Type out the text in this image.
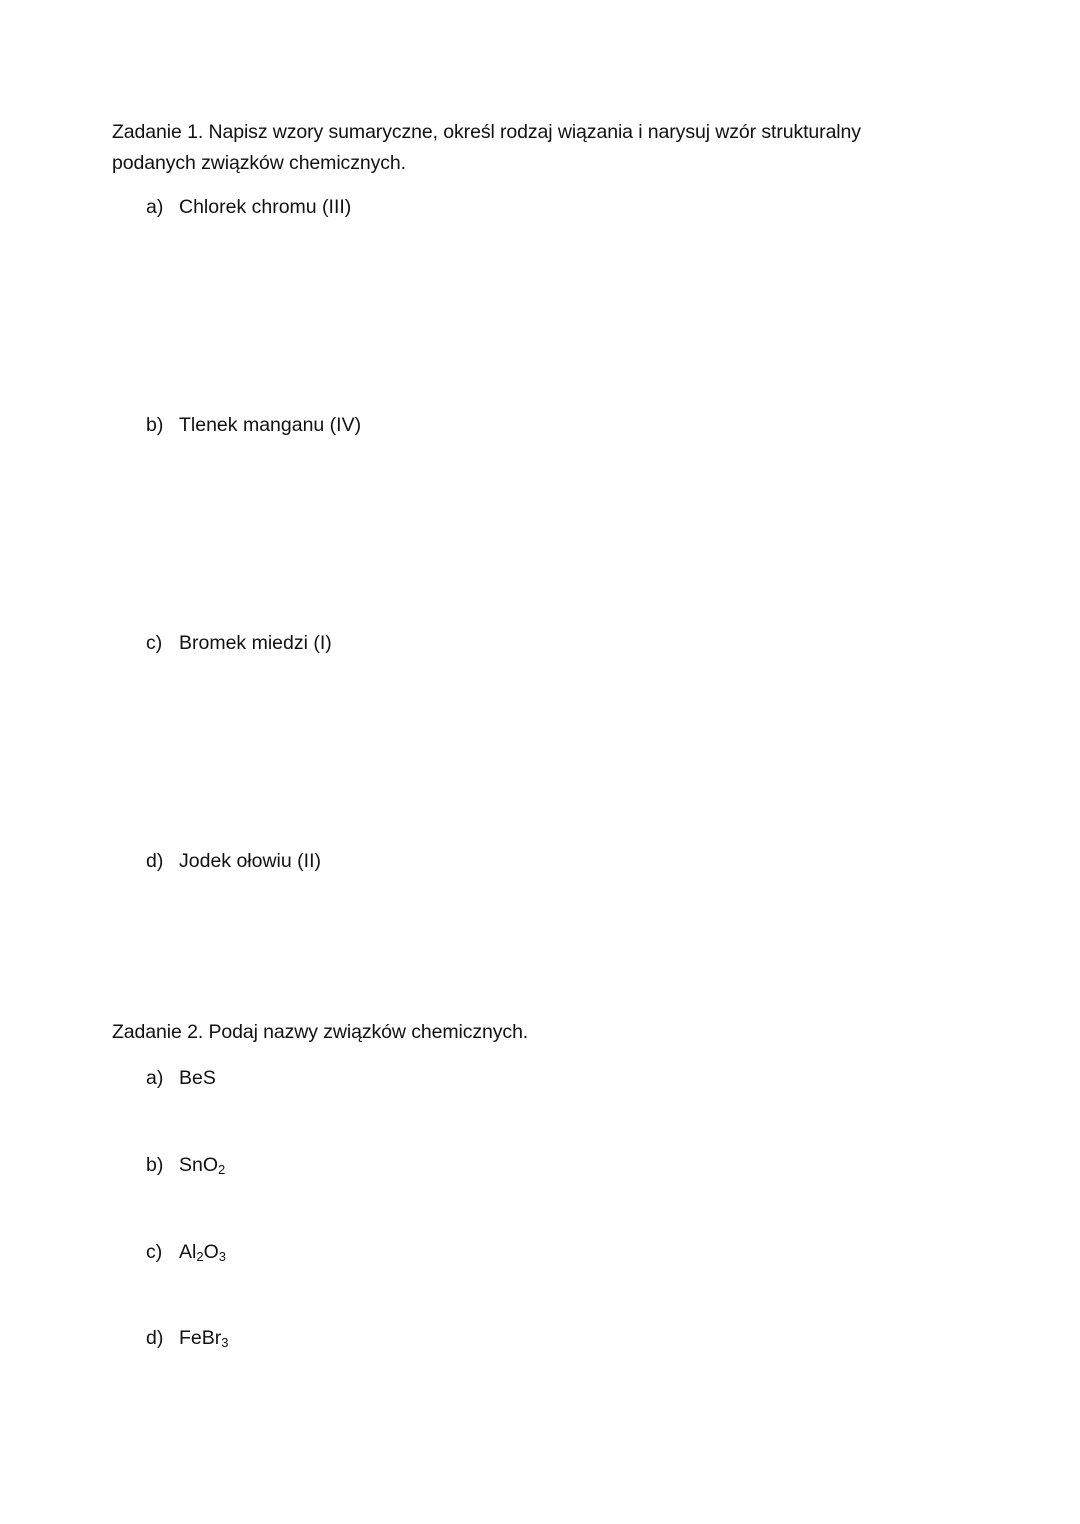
Zadanie 1. Napisz wzory sumaryczne, określ rodzaj wiązania i narysuj wzór strukturalny
podanych związków chemicznych.
a) Chlorek chromu (III)
b) Tlenek manganu (IV)
c) Bromek miedzi (I)
d) Jodek ołowiu (II)
Zadanie 2. Podaj nazwy związków chemicznych.
a) BeS
b) SnO$_2$
c) $Al_2O_3$
d) FeBr$_3$
